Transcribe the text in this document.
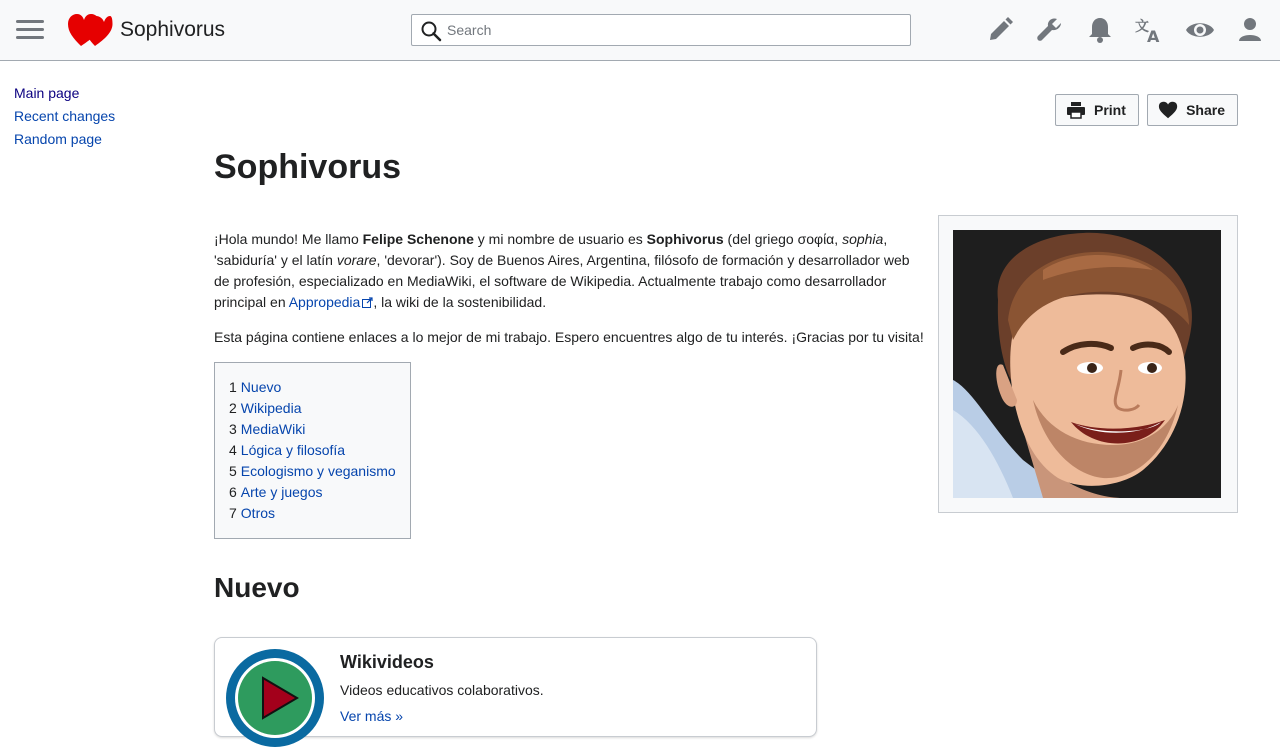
Sophivorus
Search	文
A
Main page
Recent changes
Random page
Print	Share
Sophivorus

¡Hola mundo! Me llamo Felipe Schenone y mi nombre de usuario es Sophivorus (del griego σοφία, sophia, 'sabiduría' y el latín vorare, 'devorar'). Soy de Buenos Aires, Argentina, filósofo de formación y desarrollador web de profesión, especializado en MediaWiki, el software de Wikipedia. Actualmente trabajo como desarrollador principal en Appropedia , la wiki de la sostenibilidad.

Esta página contiene enlaces a lo mejor de mi trabajo. Espero encuentres algo de tu interés. ¡Gracias por tu visita!

1 Nuevo
2 Wikipedia
3 MediaWiki
4 Lógica y filosofía
5 Ecologismo y veganismo
6 Arte y juegos
7 Otros
Nuevo
Wikivideos
Videos educativos colaborativos.
Ver más »
